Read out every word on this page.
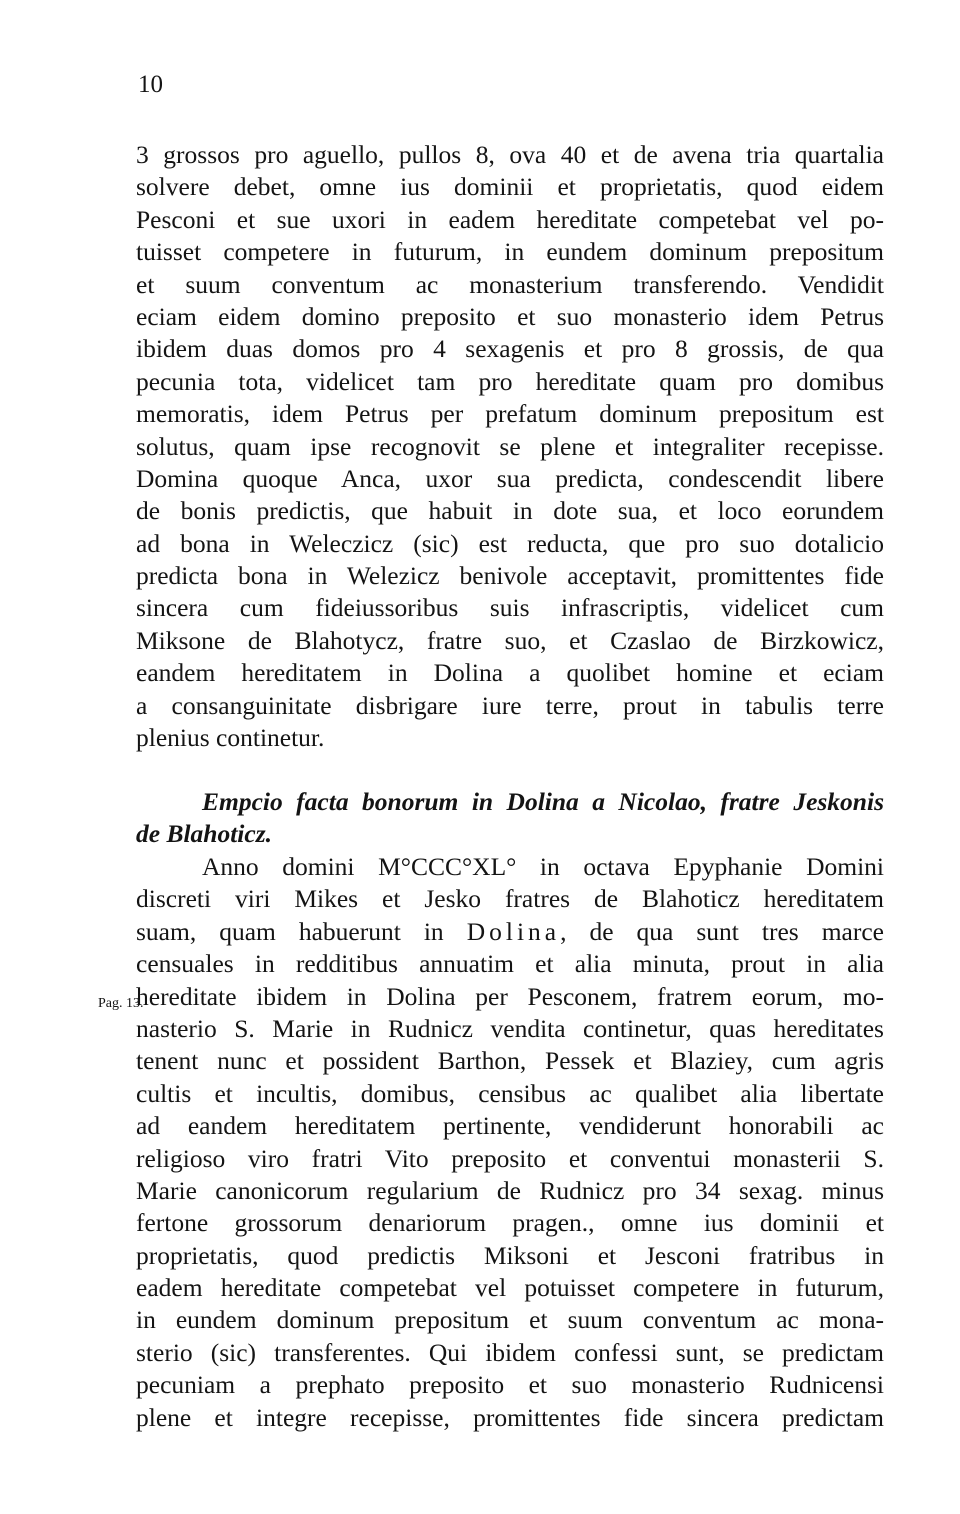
10
3 grossos pro aguello, pullos 8, ova 40 et de avena tria quartalia
solvere debet, omne ius dominii et proprietatis, quod eidem
Pesconi et sue uxori in eadem hereditate competebat vel po-
tuisset competere in futurum, in eundem dominum prepositum
et suum conventum ac monasterium transferendo. Vendidit
eciam eidem domino preposito et suo monasterio idem Petrus
ibidem duas domos pro 4 sexagenis et pro 8 grossis, de qua
pecunia tota, videlicet tam pro hereditate quam pro domibus
memoratis, idem Petrus per prefatum dominum prepositum est
solutus, quam ipse recognovit se plene et integraliter recepisse.
Domina quoque Anca, uxor sua predicta, condescendit libere
de bonis predictis, que habuit in dote sua, et loco eorundem
ad bona in Weleczicz (sic) est reducta, que pro suo dotalicio
predicta bona in Welezicz benivole acceptavit, promittentes fide
sincera cum fideiussoribus suis infrascriptis, videlicet cum
Miksone de Blahotycz, fratre suo, et Czaslao de Birzkowicz,
eandem hereditatem in Dolina a quolibet homine et eciam
a consanguinitate disbrigare iure terre, prout in tabulis terre
plenius continetur.
Empcio facta bonorum in Dolina a Nicolao, fratre Jeskonis
de Blahoticz.
Anno domini M°CCC°XL° in octava Epyphanie Domini
discreti viri Mikes et Jesko fratres de Blahoticz hereditatem
suam, quam habuerunt in Dolina, de qua sunt tres marce
censuales in redditibus annuatim et alia minuta, prout in alia
hereditate ibidem in Dolina per Pesconem, fratrem eorum, mo-
nasterio S. Marie in Rudnicz vendita continetur, quas hereditates
tenent nunc et possident Barthon, Pessek et Blaziey, cum agris
cultis et incultis, domibus, censibus ac qualibet alia libertate
ad eandem hereditatem pertinente, vendiderunt honorabili ac
religioso viro fratri Vito preposito et conventui monasterii S.
Marie canonicorum regularium de Rudnicz pro 34 sexag. minus
fertone grossorum denariorum pragen., omne ius dominii et
proprietatis, quod predictis Miksoni et Jesconi fratribus in
eadem hereditate competebat vel potuisset competere in futurum,
in eundem dominum prepositum et suum conventum ac mona-
sterio (sic) transferentes. Qui ibidem confessi sunt, se predictam
pecuniam a prephato preposito et suo monasterio Rudnicensi
plene et integre recepisse, promittentes fide sincera predictam
Pag. 13.
